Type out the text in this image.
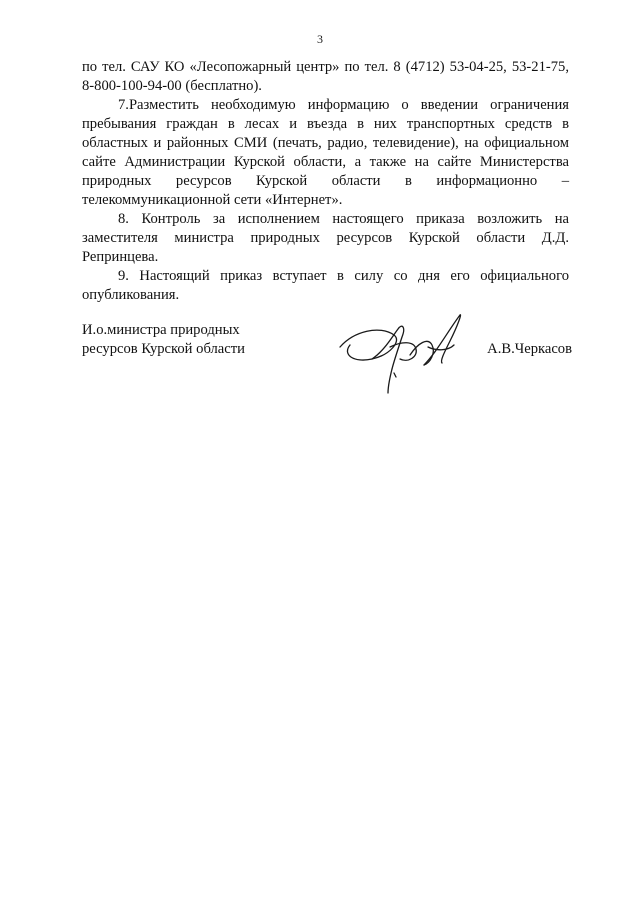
3

по тел. САУ КО «Лесопожарный центр» по тел. 8 (4712) 53-04-25, 53-21-75, 8-800-100-94-00 (бесплатно).

7.Разместить необходимую информацию о введении ограничения пребывания граждан в лесах и въезда в них транспортных средств в областных и районных СМИ (печать, радио, телевидение), на официальном сайте Администрации Курской области, а также на сайте Министерства природных ресурсов Курской области в информационно – телекоммуникационной сети «Интернет».

8. Контроль за исполнением настоящего приказа возложить на заместителя министра природных ресурсов Курской области Д.Д. Репринцева.

9. Настоящий приказ вступает в силу со дня его официального опубликования.

И.о.министра природных
ресурсов Курской области	А.В.Черкасов
